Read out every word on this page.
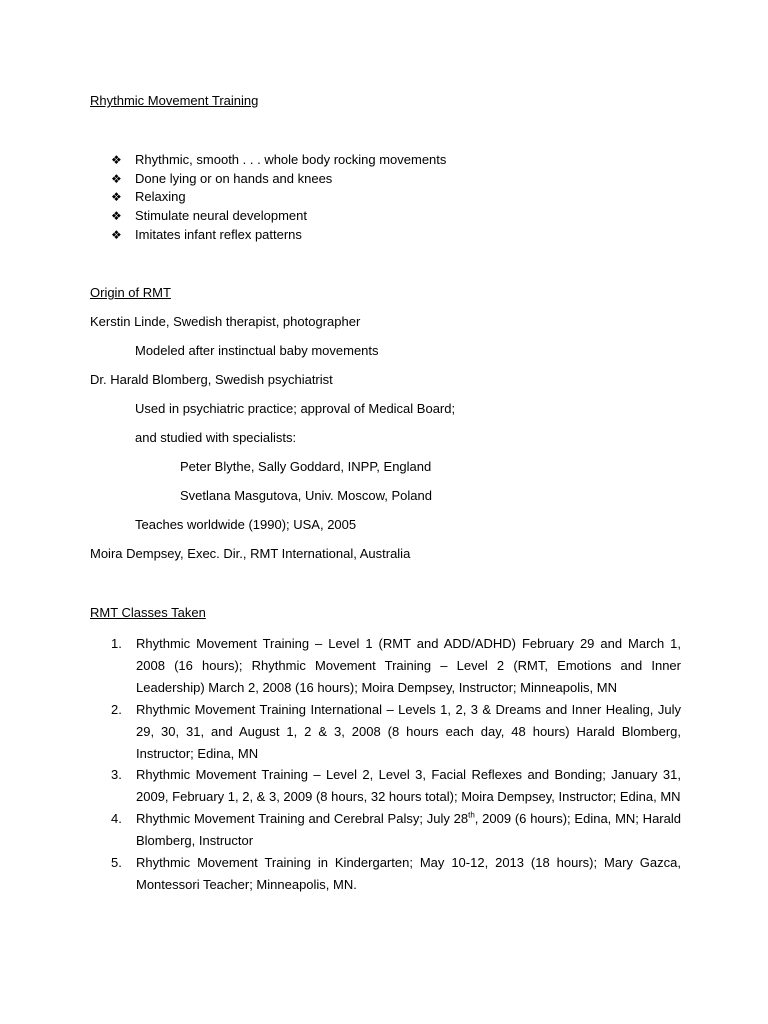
Rhythmic Movement Training
❖ Rhythmic, smooth . . . whole body rocking movements
❖ Done lying or on hands and knees
❖ Relaxing
❖ Stimulate neural development
❖ Imitates infant reflex patterns
Origin of RMT
Kerstin Linde, Swedish therapist, photographer
Modeled after instinctual baby movements
Dr. Harald Blomberg, Swedish psychiatrist
Used in psychiatric practice; approval of Medical Board;
and studied with specialists:
Peter Blythe, Sally Goddard, INPP, England
Svetlana Masgutova, Univ. Moscow, Poland
Teaches worldwide (1990); USA, 2005
Moira Dempsey, Exec. Dir., RMT International, Australia
RMT Classes Taken
1.	Rhythmic Movement Training – Level 1 (RMT and ADD/ADHD) February 29 and March 1, 2008 (16 hours); Rhythmic Movement Training – Level 2 (RMT, Emotions and Inner Leadership) March 2, 2008 (16 hours); Moira Dempsey, Instructor; Minneapolis, MN
2.	Rhythmic Movement Training International – Levels 1, 2, 3 & Dreams and Inner Healing, July 29, 30, 31, and August 1, 2 & 3, 2008 (8 hours each day, 48 hours) Harald Blomberg, Instructor; Edina, MN
3.	Rhythmic Movement Training – Level 2, Level 3, Facial Reflexes and Bonding; January 31, 2009, February 1, 2, & 3, 2009 (8 hours, 32 hours total); Moira Dempsey, Instructor; Edina, MN
4.	Rhythmic Movement Training and Cerebral Palsy; July 28th, 2009 (6 hours); Edina, MN; Harald Blomberg, Instructor
5.	Rhythmic Movement Training in Kindergarten; May 10-12, 2013 (18 hours); Mary Gazca, Montessori Teacher; Minneapolis, MN.
